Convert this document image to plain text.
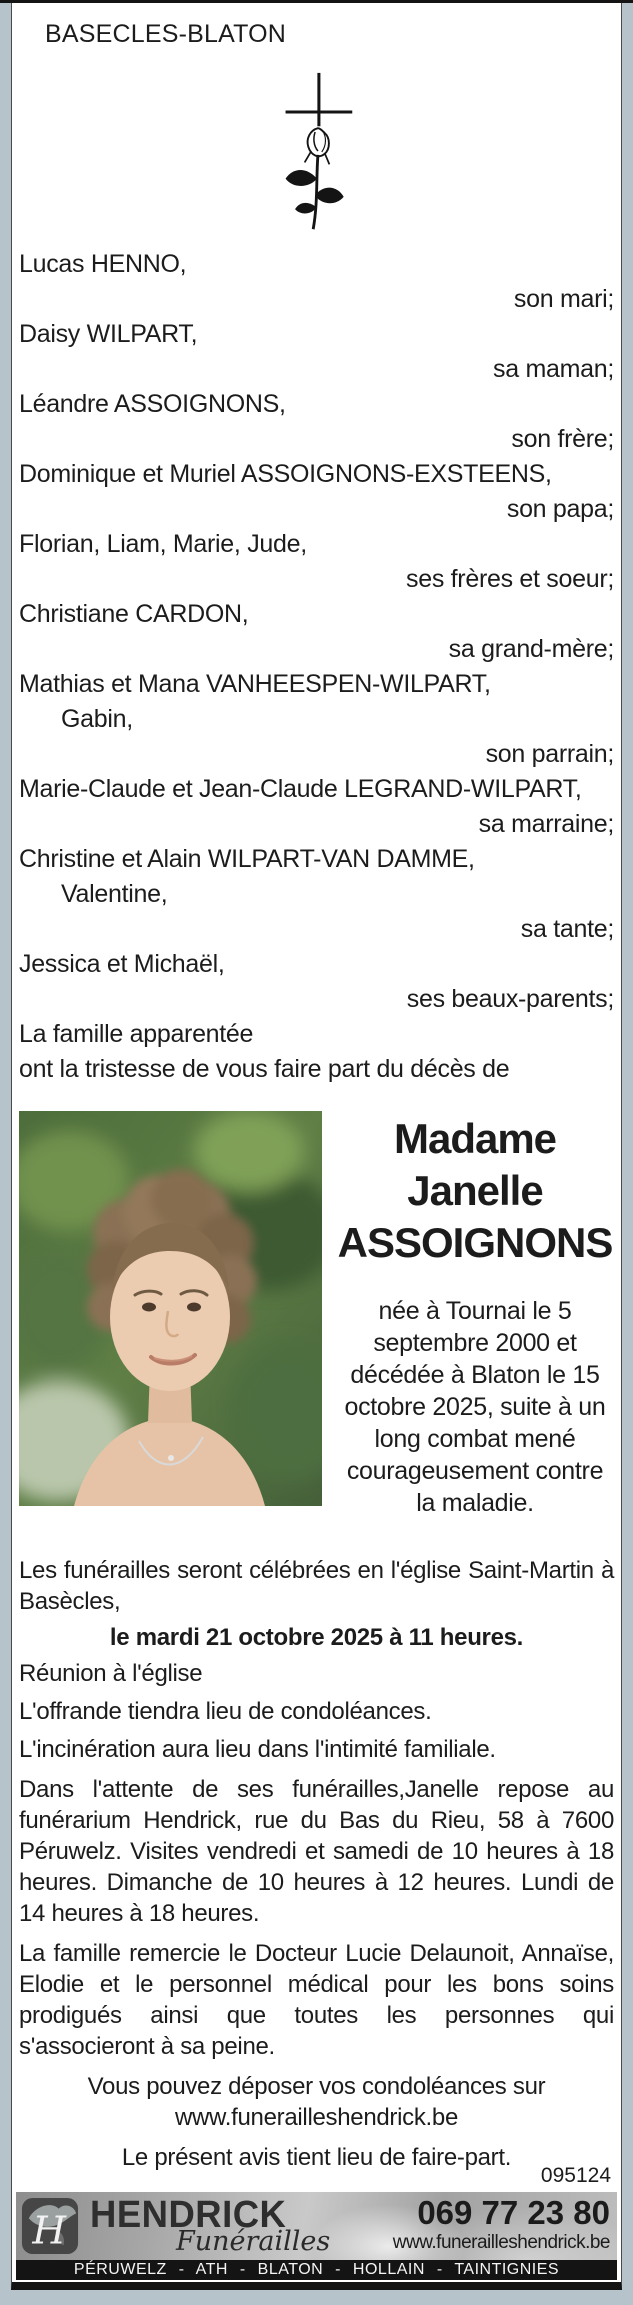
BASECLES-BLATON
Lucas HENNO,
son mari;
Daisy WILPART,
sa maman;
Léandre ASSOIGNONS,
son frère;
Dominique et Muriel ASSOIGNONS-EXSTEENS,
son papa;
Florian, Liam, Marie, Jude,
ses frères et soeur;
Christiane CARDON,
sa grand-mère;
Mathias et Mana VANHEESPEN-WILPART,
Gabin,
son parrain;
Marie-Claude et Jean-Claude LEGRAND-WILPART,
sa marraine;
Christine et Alain WILPART-VAN DAMME,
Valentine,
sa tante;
Jessica et Michaël,
ses beaux-parents;
La famille apparentée
ont la tristesse de vous faire part du décès de
Madame
Janelle
ASSOIGNONS
née à Tournai le 5 septembre 2000 et décédée à Blaton le 15 octobre 2025, suite à un long combat mené courageusement contre la maladie.
Les funérailles seront célébrées en l'église Saint-Martin à Basècles,
le mardi 21 octobre 2025 à 11 heures.
Réunion à l'église
L'offrande tiendra lieu de condoléances.
L'incinération aura lieu dans l'intimité familiale.
Dans l'attente de ses funérailles,Janelle repose au funérarium Hendrick, rue du Bas du Rieu, 58 à 7600 Péruwelz. Visites vendredi et samedi de 10 heures à 18 heures. Dimanche de 10 heures à 12 heures. Lundi de 14 heures à 18 heures.
La famille remercie le Docteur Lucie Delaunoit, Annaïse, Elodie et le personnel médical pour les bons soins prodigués ainsi que toutes les personnes qui s'associeront à sa peine.
Vous pouvez déposer vos condoléances sur
www.funerailleshendrick.be
Le présent avis tient lieu de faire-part.
095124
H HENDRICK
Funérailles
069 77 23 80
www.funerailleshendrick.be
PÉRUWELZ - ATH - BLATON - HOLLAIN - TAINTIGNIES
